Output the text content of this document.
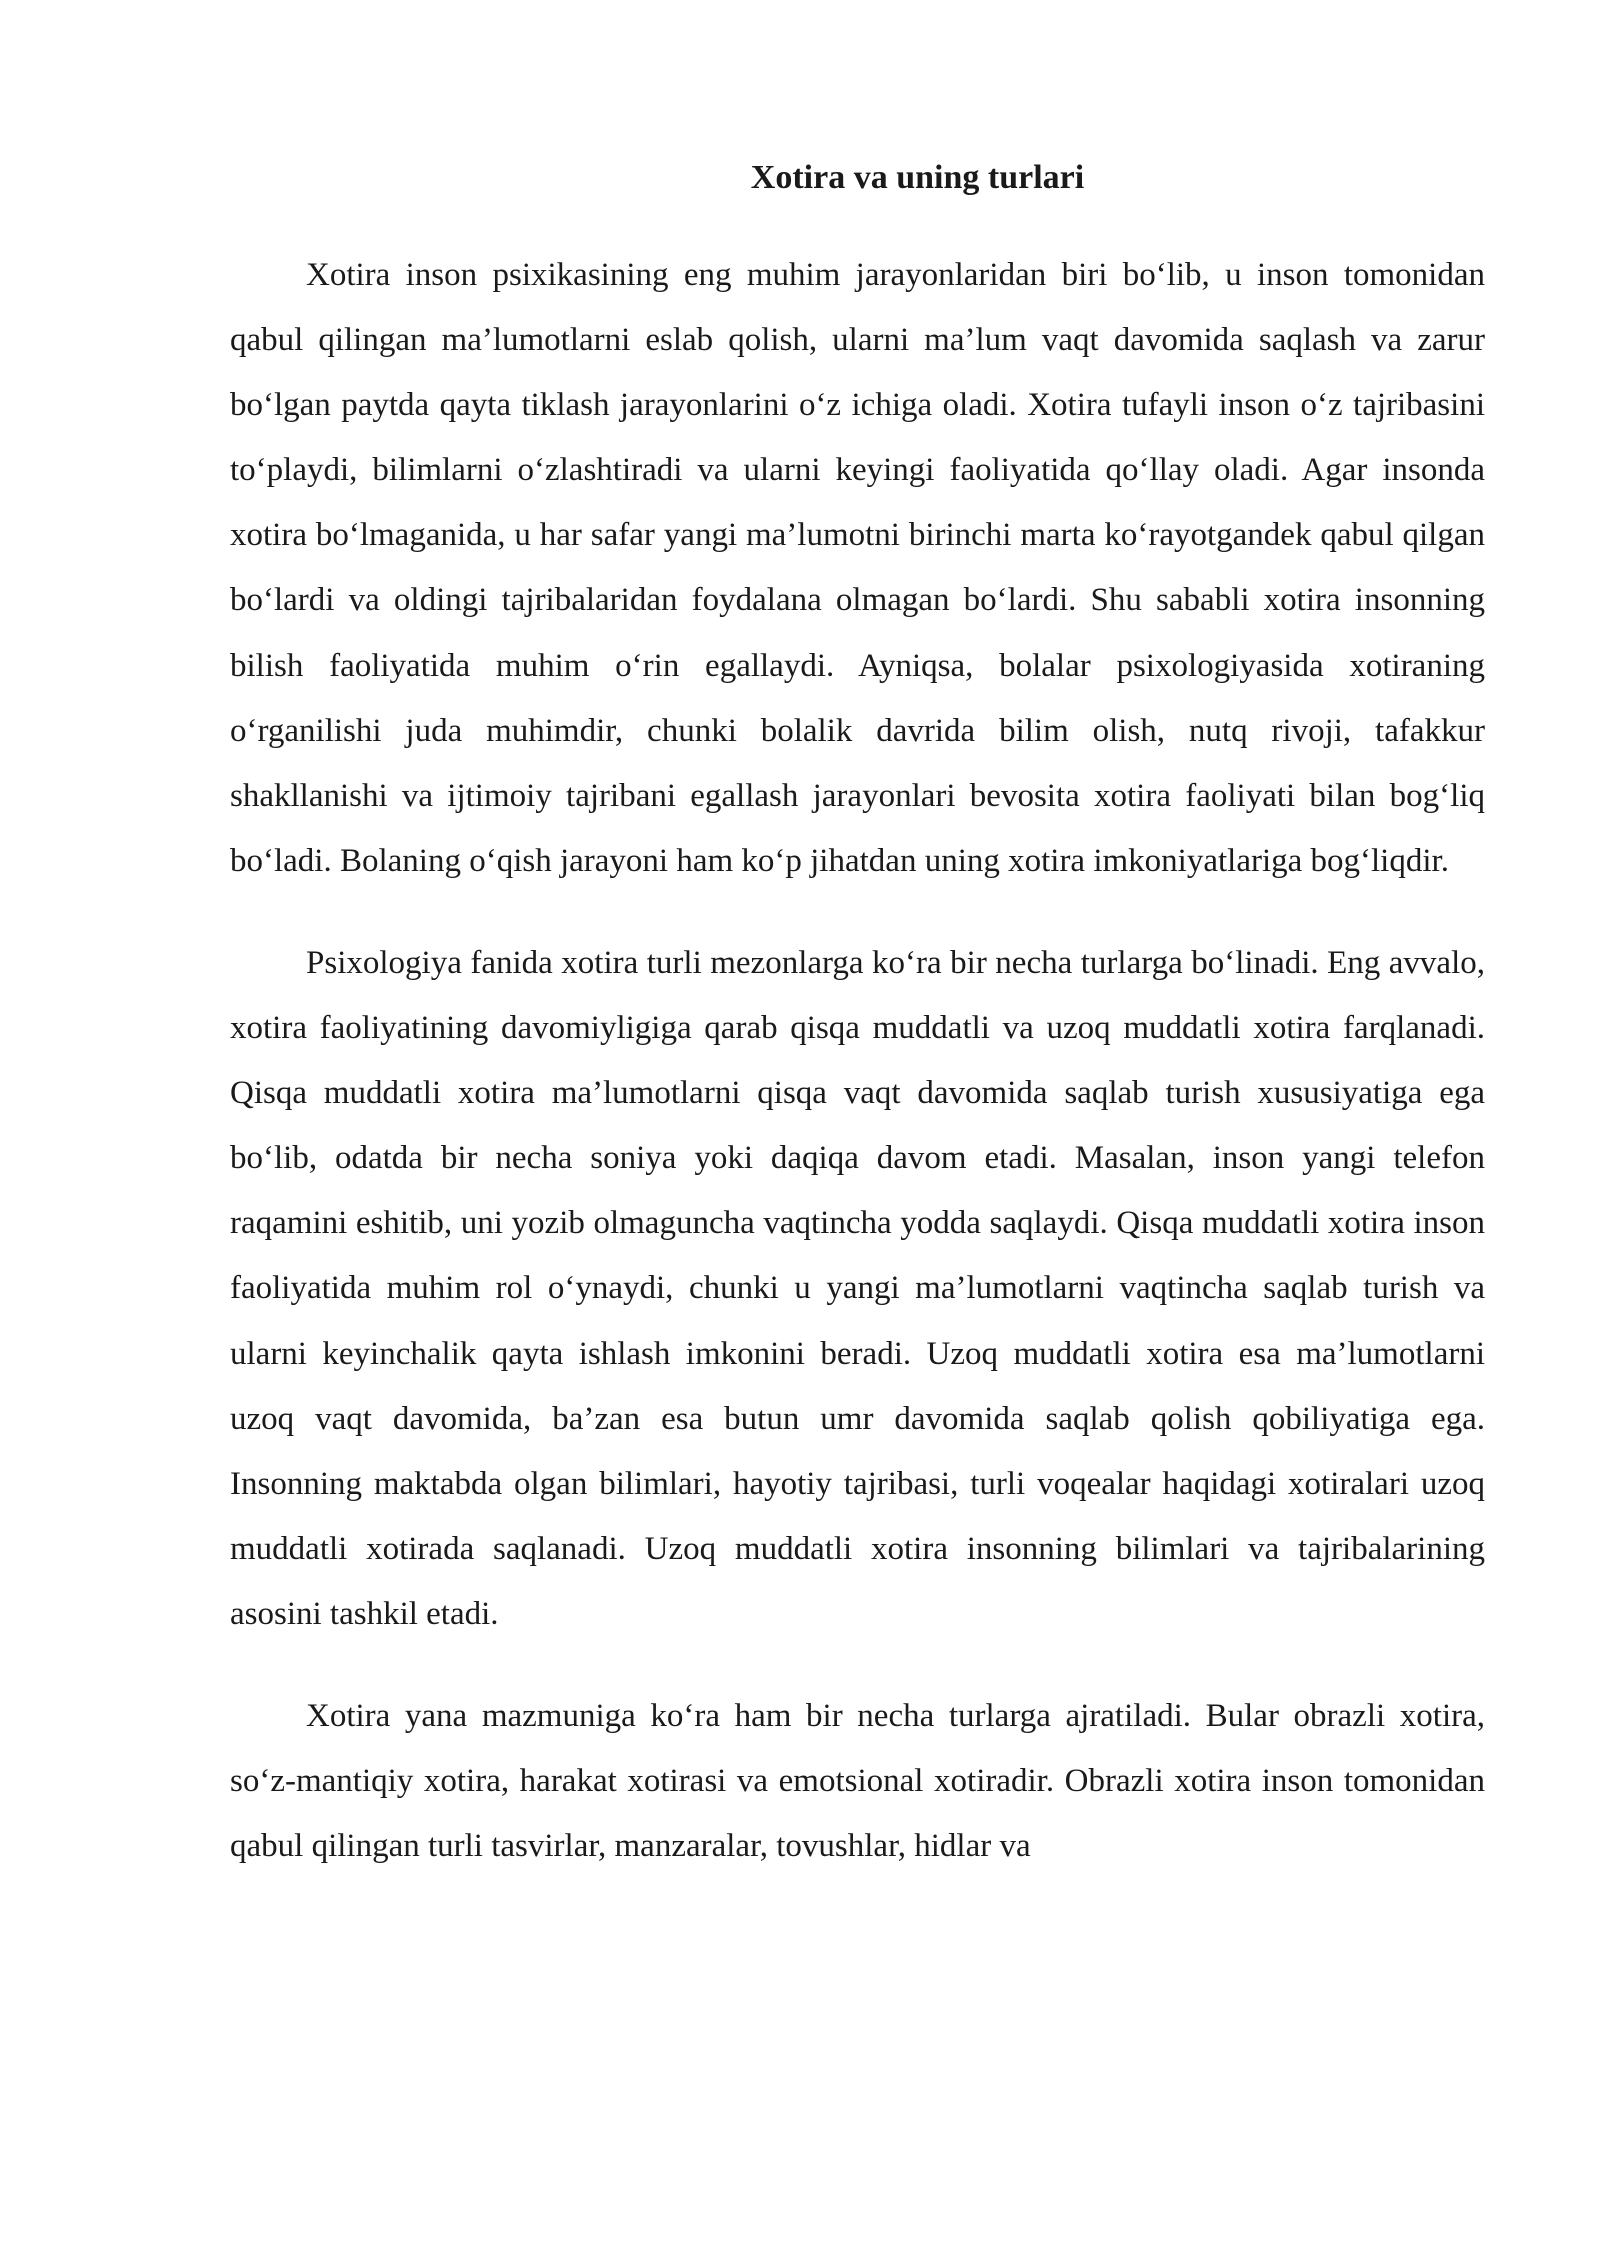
Xotira va uning turlari

Xotira inson psixikasining eng muhim jarayonlaridan biri bo‘lib, u inson tomonidan qabul qilingan ma’lumotlarni eslab qolish, ularni ma’lum vaqt davomida saqlash va zarur bo‘lgan paytda qayta tiklash jarayonlarini o‘z ichiga oladi. Xotira tufayli inson o‘z tajribasini to‘playdi, bilimlarni o‘zlashtiradi va ularni keyingi faoliyatida qo‘llay oladi. Agar insonda xotira bo‘lmaganida, u har safar yangi ma’lumotni birinchi marta ko‘rayotgandek qabul qilgan bo‘lardi va oldingi tajribalaridan foydalana olmagan bo‘lardi. Shu sababli xotira insonning bilish faoliyatida muhim o‘rin egallaydi. Ayniqsa, bolalar psixologiyasida xotiraning o‘rganilishi juda muhimdir, chunki bolalik davrida bilim olish, nutq rivoji, tafakkur shakllanishi va ijtimoiy tajribani egallash jarayonlari bevosita xotira faoliyati bilan bog‘liq bo‘ladi. Bolaning o‘qish jarayoni ham ko‘p jihatdan uning xotira imkoniyatlariga bog‘liqdir.

Psixologiya fanida xotira turli mezonlarga ko‘ra bir necha turlarga bo‘linadi. Eng avvalo, xotira faoliyatining davomiyligiga qarab qisqa muddatli va uzoq muddatli xotira farqlanadi. Qisqa muddatli xotira ma’lumotlarni qisqa vaqt davomida saqlab turish xususiyatiga ega bo‘lib, odatda bir necha soniya yoki daqiqa davom etadi. Masalan, inson yangi telefon raqamini eshitib, uni yozib olmaguncha vaqtincha yodda saqlaydi. Qisqa muddatli xotira inson faoliyatida muhim rol o‘ynaydi, chunki u yangi ma’lumotlarni vaqtincha saqlab turish va ularni keyinchalik qayta ishlash imkonini beradi. Uzoq muddatli xotira esa ma’lumotlarni uzoq vaqt davomida, ba’zan esa butun umr davomida saqlab qolish qobiliyatiga ega. Insonning maktabda olgan bilimlari, hayotiy tajribasi, turli voqealar haqidagi xotiralari uzoq muddatli xotirada saqlanadi. Uzoq muddatli xotira insonning bilimlari va tajribalarining asosini tashkil etadi.

Xotira yana mazmuniga ko‘ra ham bir necha turlarga ajratiladi. Bular obrazli xotira, so‘z-mantiqiy xotira, harakat xotirasi va emotsional xotiradir. Obrazli xotira inson tomonidan qabul qilingan turli tasvirlar, manzaralar, tovushlar, hidlar va
